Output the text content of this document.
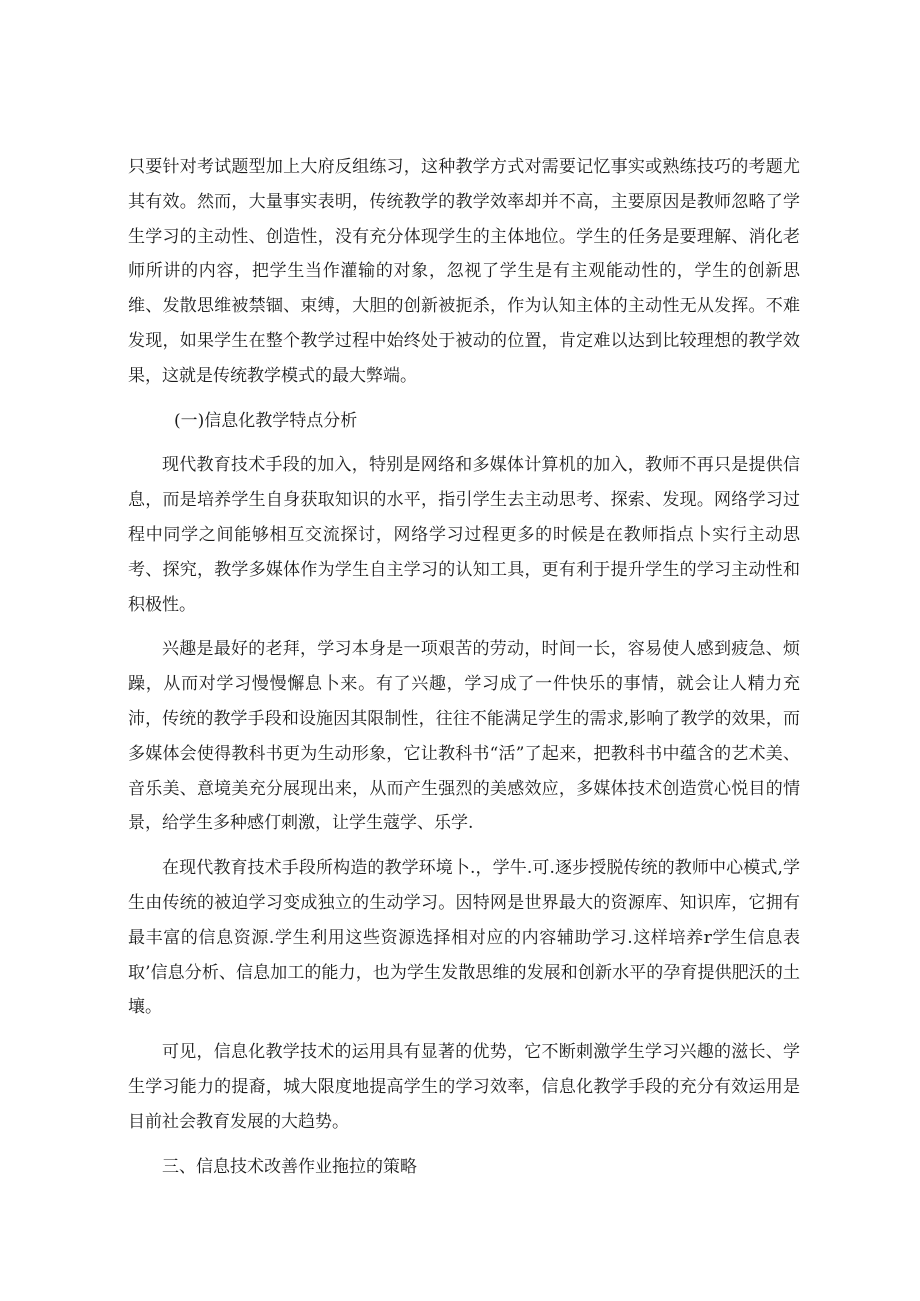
只要针对考试题型加上大府反组练习，这种教学方式对需要记忆事实或熟练技巧的考题尤其有效。然而，大量事实表明，传统教学的教学效率却并不高，主要原因是教师忽略了学生学习的主动性、创造性，没有充分体现学生的主体地位。学生的任务是要理解、消化老师所讲的内容，把学生当作灌输的对象，忽视了学生是有主观能动性的，学生的创新思维、发散思维被禁锢、束缚，大胆的创新被扼杀，作为认知主体的主动性无从发挥。不难发现，如果学生在整个教学过程中始终处于被动的位置，肯定难以达到比较理想的教学效果，这就是传统教学模式的最大弊端。

(一)信息化教学特点分析

现代教育技术手段的加入，特别是网络和多媒体计算机的加入，教师不再只是提供信息，而是培养学生自身获取知识的水平，指引学生去主动思考、探索、发现。网络学习过程中同学之间能够相互交流探讨，网络学习过程更多的时候是在教师指点卜实行主动思考、探究，教学多媒体作为学生自主学习的认知工具，更有利于提升学生的学习主动性和积极性。

兴趣是最好的老拜，学习本身是一项艰苦的劳动，时间一长，容易使人感到疲急、烦躁，从而对学习慢慢懈息卜来。有了兴趣，学习成了一件快乐的事情，就会让人精力充沛，传统的教学手段和设施因其限制性，往往不能满足学生的需求,影响了教学的效果，而多媒体会使得教科书更为生动形象，它让教科书“活”了起来，把教科书中蕴含的艺术美、音乐美、意境美充分展现出来，从而产生强烈的美感效应，多媒体技术创造赏心悦目的情景，给学生多种感仃刺激，让学生蔻学、乐学.

在现代教育技术手段所构造的教学环境卜.，学牛.可.逐步授脱传统的教师中心模式,学生由传统的被迫学习变成独立的生动学习。因特网是世界最大的资源库、知识库，它拥有最丰富的信息资源.学生利用这些资源选择相对应的内容辅助学习.这样培养r学生信息表取’信息分析、信息加工的能力，也为学生发散思维的发展和创新水平的孕育提供肥沃的土壤。

可见，信息化教学技术的运用具有显著的优势，它不断刺激学生学习兴趣的滋长、学生学习能力的提裔，城大限度地提高学生的学习效率，信息化教学手段的充分有效运用是目前社会教育发展的大趋势。

三、信息技术改善作业拖拉的策略
